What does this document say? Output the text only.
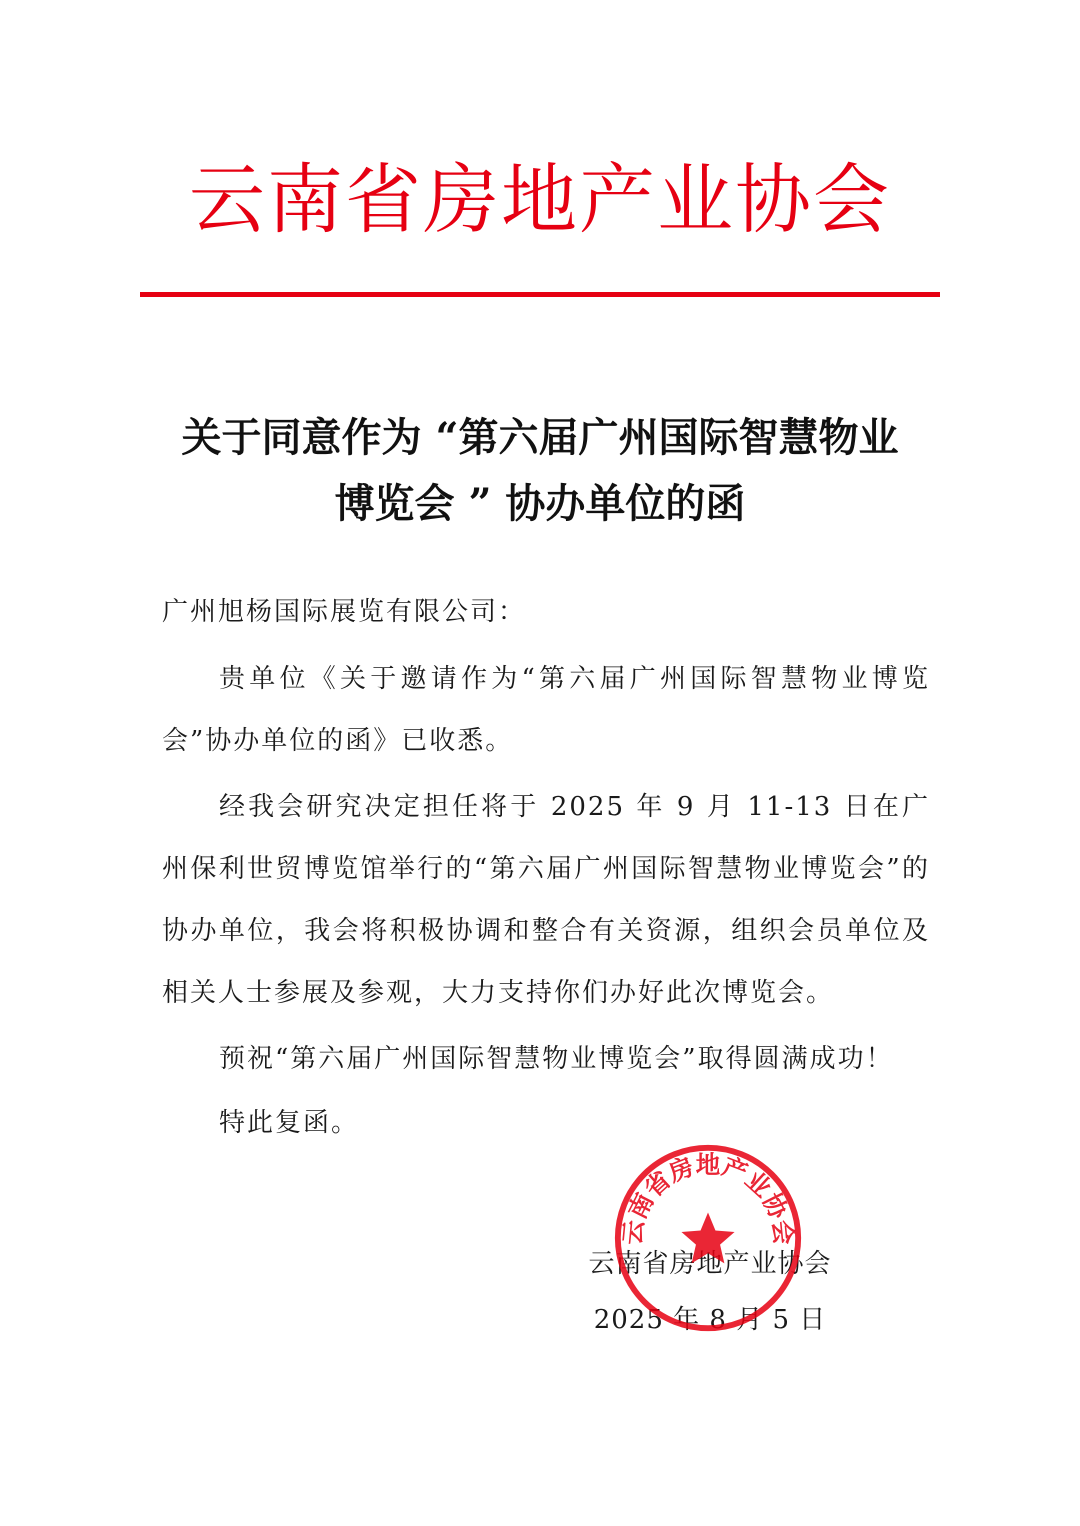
云南省房地产业协会
关于同意作为 “第六届广州国际智慧物业
博览会 ” 协办单位的函
广州旭杨国际展览有限公司：
贵单位《关于邀请作为“第六届广州国际智慧物业博览会”协办单位的函》已收悉。
经我会研究决定担任将于 2025 年 9 月 11-13 日在广州保利世贸博览馆举行的“第六届广州国际智慧物业博览会”的协办单位，我会将积极协调和整合有关资源，组织会员单位及相关人士参展及参观，大力支持你们办好此次博览会。
预祝“第六届广州国际智慧物业博览会”取得圆满成功！
特此复函。
云南省房地产业协会
2025 年 8 月 5 日
云南省房地产业协会
